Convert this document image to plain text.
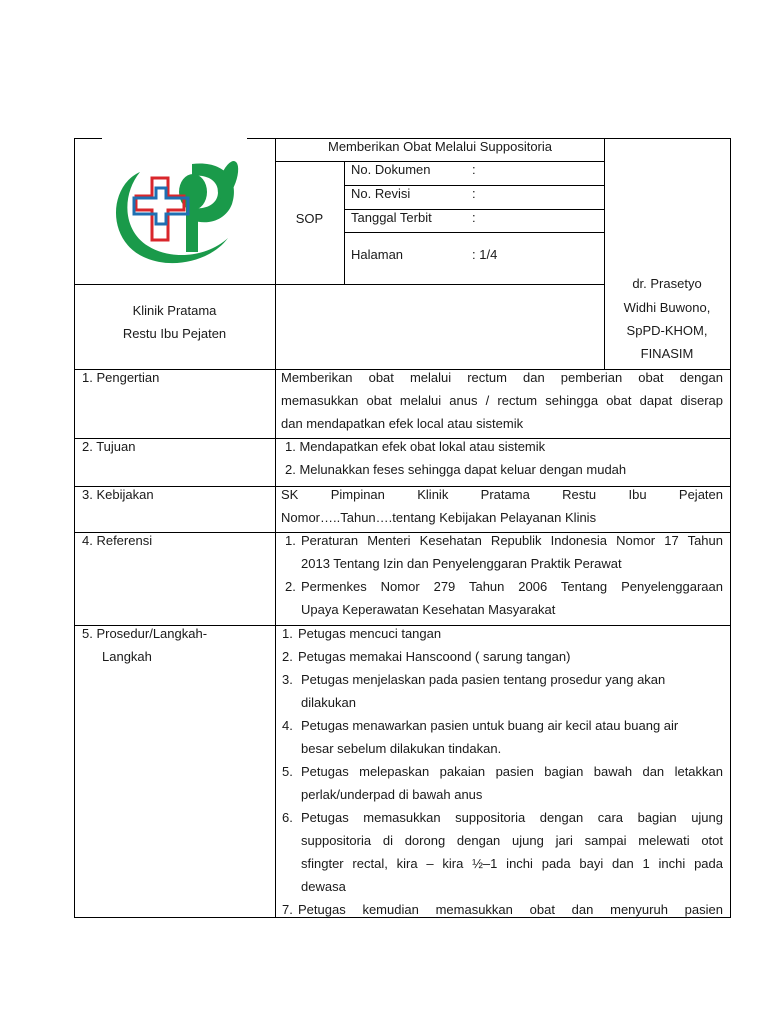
Memberikan Obat Melalui Suppositoria
SOP
No. Dokumen	:
No. Revisi	:
Tanggal Terbit	:
Halaman	: 1/4
Klinik Pratama
Restu Ibu Pejaten
dr. Prasetyo
Widhi Buwono,
SpPD-KHOM,
FINASIM
1. Pengertian	Memberikan obat melalui rectum dan pemberian obat dengan
memasukkan obat melalui anus / rectum sehingga obat dapat diserap
dan mendapatkan efek local atau sistemik
2. Tujuan	1. Mendapatkan efek obat lokal atau sistemik
2. Melunakkan feses sehingga dapat keluar dengan mudah
3. Kebijakan	SK Pimpinan Klinik Pratama Restu Ibu Pejaten
Nomor…..Tahun….tentang Kebijakan Pelayanan Klinis
4. Referensi	1. Peraturan Menteri Kesehatan Republik Indonesia Nomor 17 Tahun
2013 Tentang Izin dan Penyelenggaran Praktik Perawat
2. Permenkes Nomor 279 Tahun 2006 Tentang Penyelenggaraan
Upaya Keperawatan Kesehatan Masyarakat
5. Prosedur/Langkah-
Langkah
1. Petugas mencuci tangan
2. Petugas memakai Hanscoond ( sarung tangan)
3. Petugas menjelaskan pada pasien tentang prosedur yang akan
dilakukan
4. Petugas menawarkan pasien untuk buang air kecil atau buang air
besar sebelum dilakukan tindakan.
5. Petugas melepaskan pakaian pasien bagian bawah dan letakkan
perlak/underpad di bawah anus
6. Petugas memasukkan suppositoria dengan cara bagian ujung
suppositoria di dorong dengan ujung jari sampai melewati otot
sfingter rectal, kira – kira ½–1 inchi pada bayi dan 1 inchi pada
dewasa
7. Petugas kemudian memasukkan obat dan menyuruh pasien
